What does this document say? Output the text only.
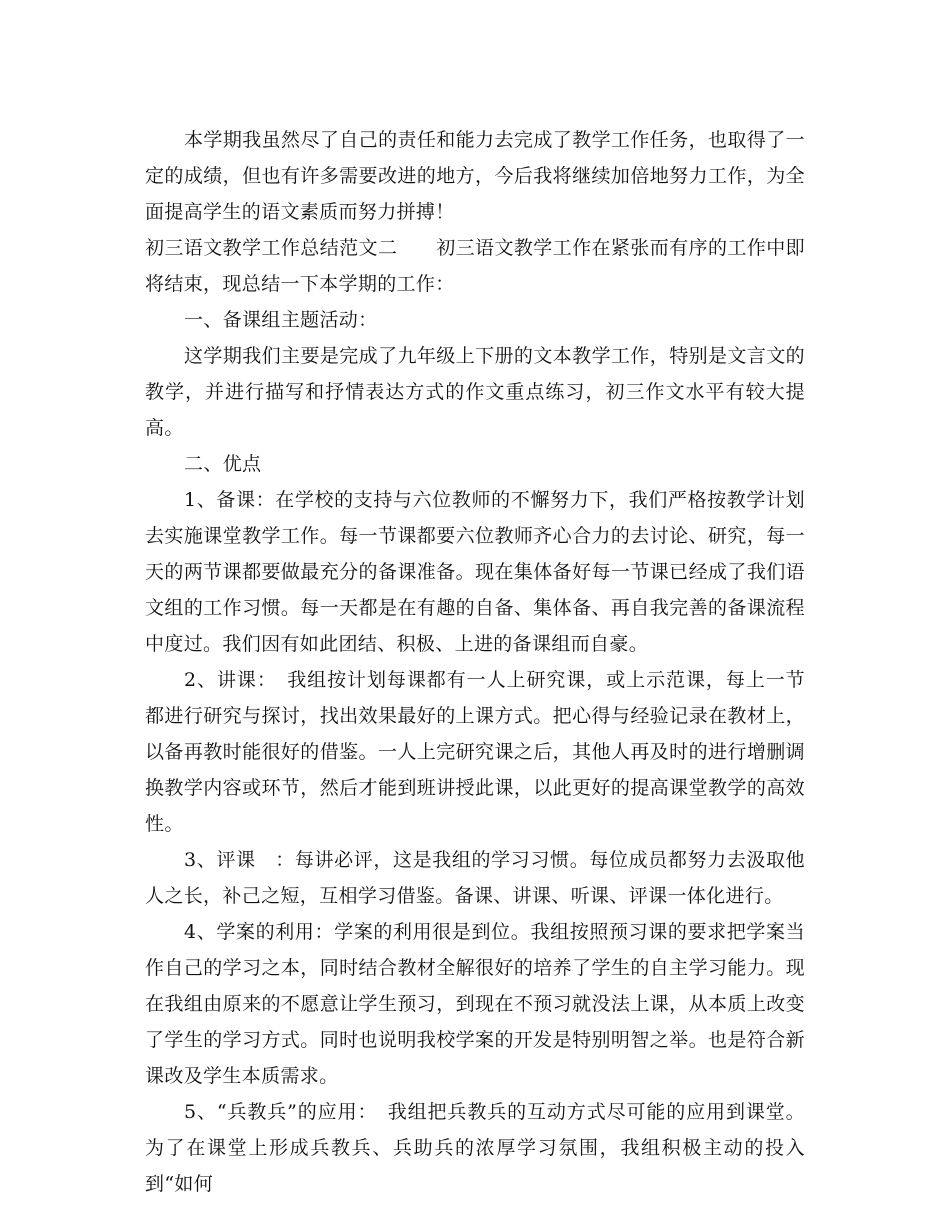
本学期我虽然尽了自己的责任和能力去完成了教学工作任务，也取得了一定的成绩，但也有许多需要改进的地方，今后我将继续加倍地努力工作，为全面提高学生的语文素质而努力拼搏！

初三语文教学工作总结范文二　　初三语文教学工作在紧张而有序的工作中即将结束，现总结一下本学期的工作：

一、备课组主题活动：

这学期我们主要是完成了九年级上下册的文本教学工作，特别是文言文的教学，并进行描写和抒情表达方式的作文重点练习，初三作文水平有较大提高。

二、优点

1、备课：在学校的支持与六位教师的不懈努力下，我们严格按教学计划去实施课堂教学工作。每一节课都要六位教师齐心合力的去讨论、研究，每一天的两节课都要做最充分的备课准备。现在集体备好每一节课已经成了我们语文组的工作习惯。每一天都是在有趣的自备、集体备、再自我完善的备课流程中度过。我们因有如此团结、积极、上进的备课组而自豪。

2、讲课：　我组按计划每课都有一人上研究课，或上示范课，每上一节都进行研究与探讨，找出效果最好的上课方式。把心得与经验记录在教材上，以备再教时能很好的借鉴。一人上完研究课之后，其他人再及时的进行增删调换教学内容或环节，然后才能到班讲授此课，以此更好的提高课堂教学的高效性。

3、评课　：每讲必评，这是我组的学习习惯。每位成员都努力去汲取他人之长，补己之短，互相学习借鉴。备课、讲课、听课、评课一体化进行。

4、学案的利用：学案的利用很是到位。我组按照预习课的要求把学案当作自己的学习之本，同时结合教材全解很好的培养了学生的自主学习能力。现在我组由原来的不愿意让学生预习，到现在不预习就没法上课，从本质上改变了学生的学习方式。同时也说明我校学案的开发是特别明智之举。也是符合新课改及学生本质需求。

5、“兵教兵”的应用：　我组把兵教兵的互动方式尽可能的应用到课堂。为了在课堂上形成兵教兵、兵助兵的浓厚学习氛围，我组积极主动的投入到“如何
